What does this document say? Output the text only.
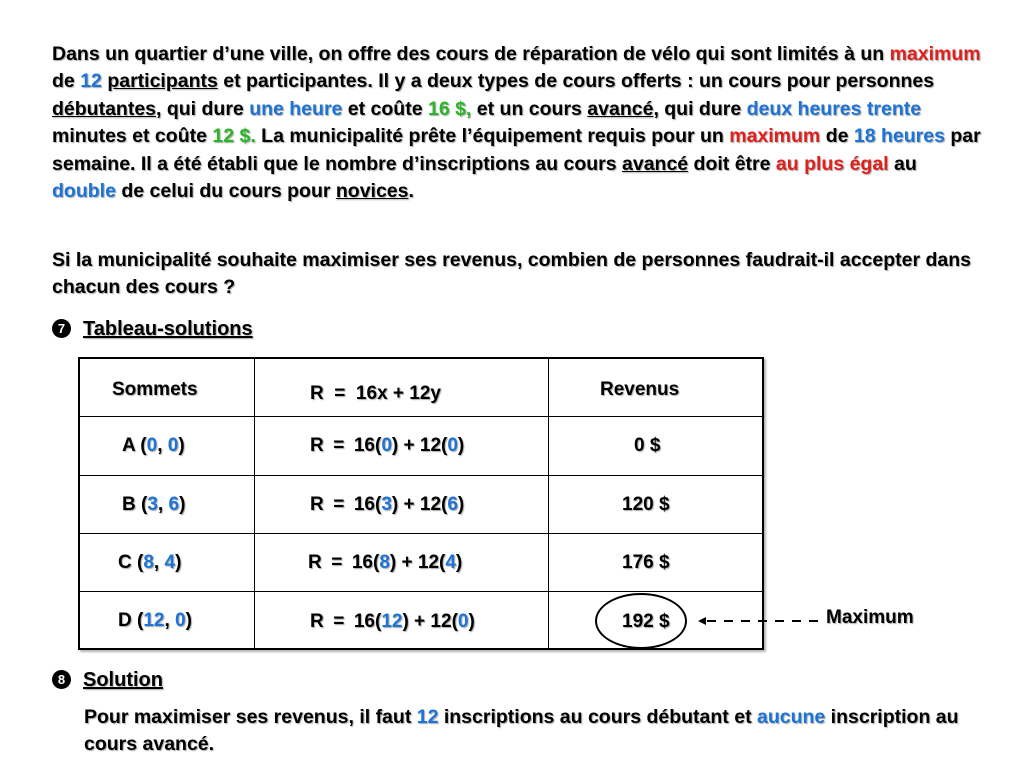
Dans un quartier d’une ville, on offre des cours de réparation de vélo qui sont limités à un maximum de 12 participants et participantes. Il y a deux types de cours offerts : un cours pour personnes débutantes, qui dure une heure et coûte 16 $, et un cours avancé, qui dure deux heures trente minutes et coûte 12 $. La municipalité prête l’équipement requis pour un maximum de 18 heures par semaine. Il a été établi que le nombre d’inscriptions au cours avancé doit être au plus égal au double de celui du cours pour novices.

Si la municipalité souhaite maximiser ses revenus, combien de personnes faudrait-il accepter dans chacun des cours ?

7 Tableau-solutions
Sommets	R  =  16x + 12y	Revenus
A (0, 0)	R = 16(0) + 12(0)	0 $
B (3, 6)	R = 16(3) + 12(6)	120 $
C (8, 4)	R = 16(8) + 12(4)	176 $
D (12, 0)	R = 16(12) + 12(0)	192 $	Maximum
8 Solution

Pour maximiser ses revenus, il faut 12 inscriptions au cours débutant et aucune inscription au cours avancé.
